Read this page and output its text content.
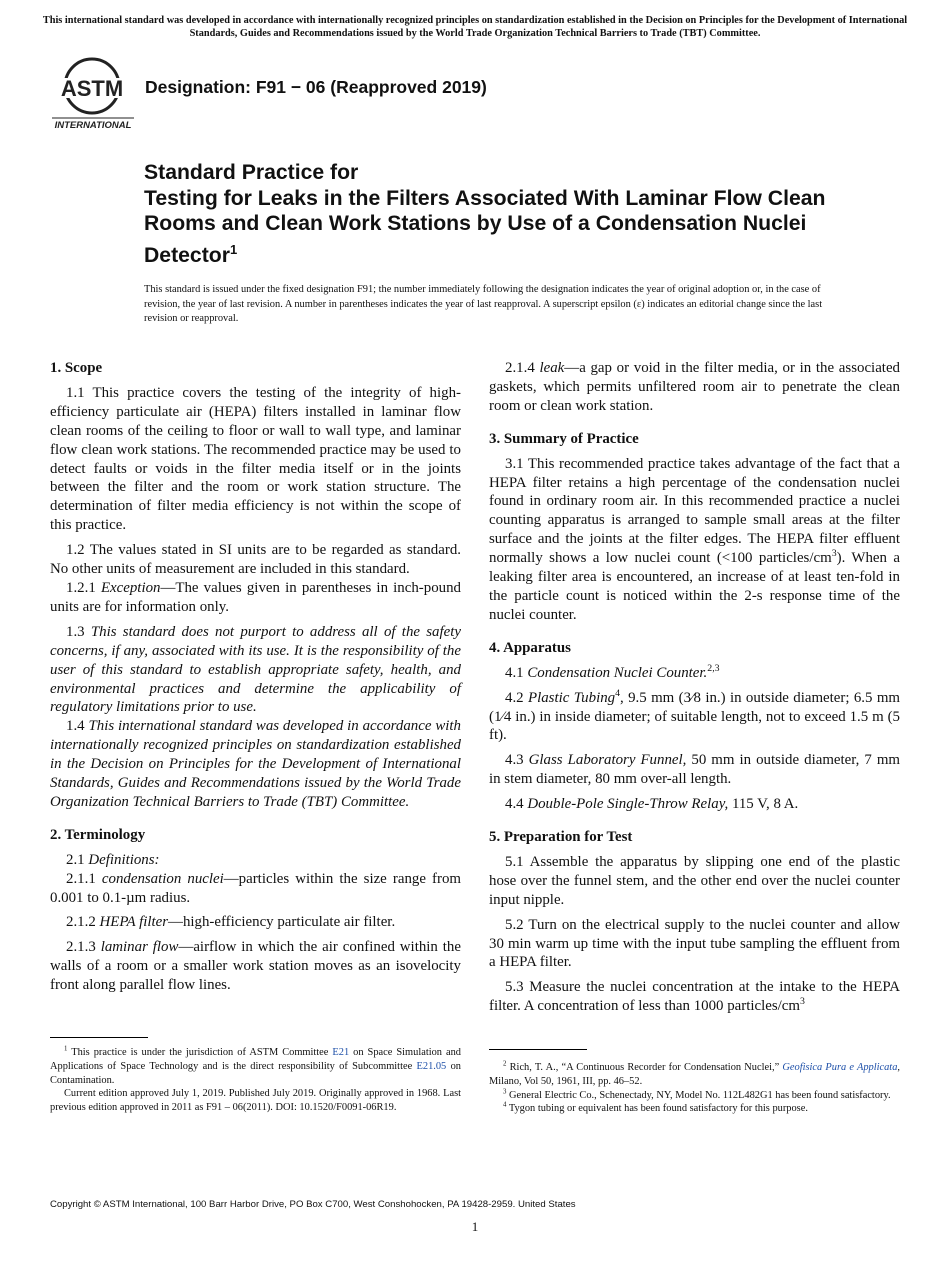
This international standard was developed in accordance with internationally recognized principles on standardization established in the Decision on Principles for the Development of International Standards, Guides and Recommendations issued by the World Trade Organization Technical Barriers to Trade (TBT) Committee.
ASTM
INTERNATIONAL
Designation: F91 − 06 (Reapproved 2019)
Standard Practice for
Testing for Leaks in the Filters Associated With Laminar Flow Clean Rooms and Clean Work Stations by Use of a Condensation Nuclei Detector$^1$
This standard is issued under the fixed designation F91; the number immediately following the designation indicates the year of original adoption or, in the case of revision, the year of last revision. A number in parentheses indicates the year of last reapproval. A superscript epsilon (ε) indicates an editorial change since the last revision or reapproval.
1. Scope

1.1 This practice covers the testing of the integrity of high-efficiency particulate air (HEPA) filters installed in laminar flow clean rooms of the ceiling to floor or wall to wall type, and laminar flow clean work stations. The recommended practice may be used to detect faults or voids in the filter media itself or in the joints between the filter and the room or work station structure. The determination of filter media efficiency is not within the scope of this practice.

1.2 The values stated in SI units are to be regarded as standard. No other units of measurement are included in this standard.

1.2.1 Exception—The values given in parentheses in inch-pound units are for information only.

1.3 This standard does not purport to address all of the safety concerns, if any, associated with its use. It is the responsibility of the user of this standard to establish appropriate safety, health, and environmental practices and determine the applicability of regulatory limitations prior to use.

1.4 This international standard was developed in accordance with internationally recognized principles on standardization established in the Decision on Principles for the Development of International Standards, Guides and Recommendations issued by the World Trade Organization Technical Barriers to Trade (TBT) Committee.

2. Terminology

2.1 Definitions:

2.1.1 condensation nuclei—particles within the size range from 0.001 to 0.1-µm radius.

2.1.2 HEPA filter—high-efficiency particulate air filter.

2.1.3 laminar flow—airflow in which the air confined within the walls of a room or a smaller work station moves as an isovelocity front along parallel flow lines.

2.1.4 leak—a gap or void in the filter media, or in the associated gaskets, which permits unfiltered room air to penetrate the clean room or clean work station.

3. Summary of Practice

3.1 This recommended practice takes advantage of the fact that a HEPA filter retains a high percentage of the condensation nuclei found in ordinary room air. In this recommended practice a nuclei counting apparatus is arranged to sample small areas at the filter surface and the joints at the filter edges. The HEPA filter effluent normally shows a low nuclei count (<100 particles/$cm^3$). When a leaking filter area is encountered, an increase of at least ten-fold in the particle count is noticed within the 2-s response time of the nuclei counter.

4. Apparatus

4.1 Condensation Nuclei Counter.$^{2,3}$

4.2 Plastic Tubing$^4$, 9.5 mm (3⁄8 in.) in outside diameter; 6.5 mm (1⁄4 in.) in inside diameter; of suitable length, not to exceed 1.5 m (5 ft).

4.3 Glass Laboratory Funnel, 50 mm in outside diameter, 7 mm in stem diameter, 80 mm over-all length.

4.4 Double-Pole Single-Throw Relay, 115 V, 8 A.

5. Preparation for Test

5.1 Assemble the apparatus by slipping one end of the plastic hose over the funnel stem, and the other end over the nuclei counter input nipple.

5.2 Turn on the electrical supply to the nuclei counter and allow 30 min warm up time with the input tube sampling the effluent from a HEPA filter.

5.3 Measure the nuclei concentration at the intake to the HEPA filter. A concentration of less than 1000 particles/$cm^3$

$^1$ This practice is under the jurisdiction of ASTM Committee E21 on Space Simulation and Applications of Space Technology and is the direct responsibility of Subcommittee E21.05 on Contamination.

Current edition approved July 1, 2019. Published July 2019. Originally approved in 1968. Last previous edition approved in 2011 as F91 – 06(2011). DOI: 10.1520/F0091-06R19.

$^2$ Rich, T. A., “A Continuous Recorder for Condensation Nuclei,” Geofisica Pura e Applicata, Milano, Vol 50, 1961, III, pp. 46–52.

$^3$ General Electric Co., Schenectady, NY, Model No. 112L482G1 has been found satisfactory.

$^4$ Tygon tubing or equivalent has been found satisfactory for this purpose.

Copyright © ASTM International, 100 Barr Harbor Drive, PO Box C700, West Conshohocken, PA 19428-2959. United States
1
